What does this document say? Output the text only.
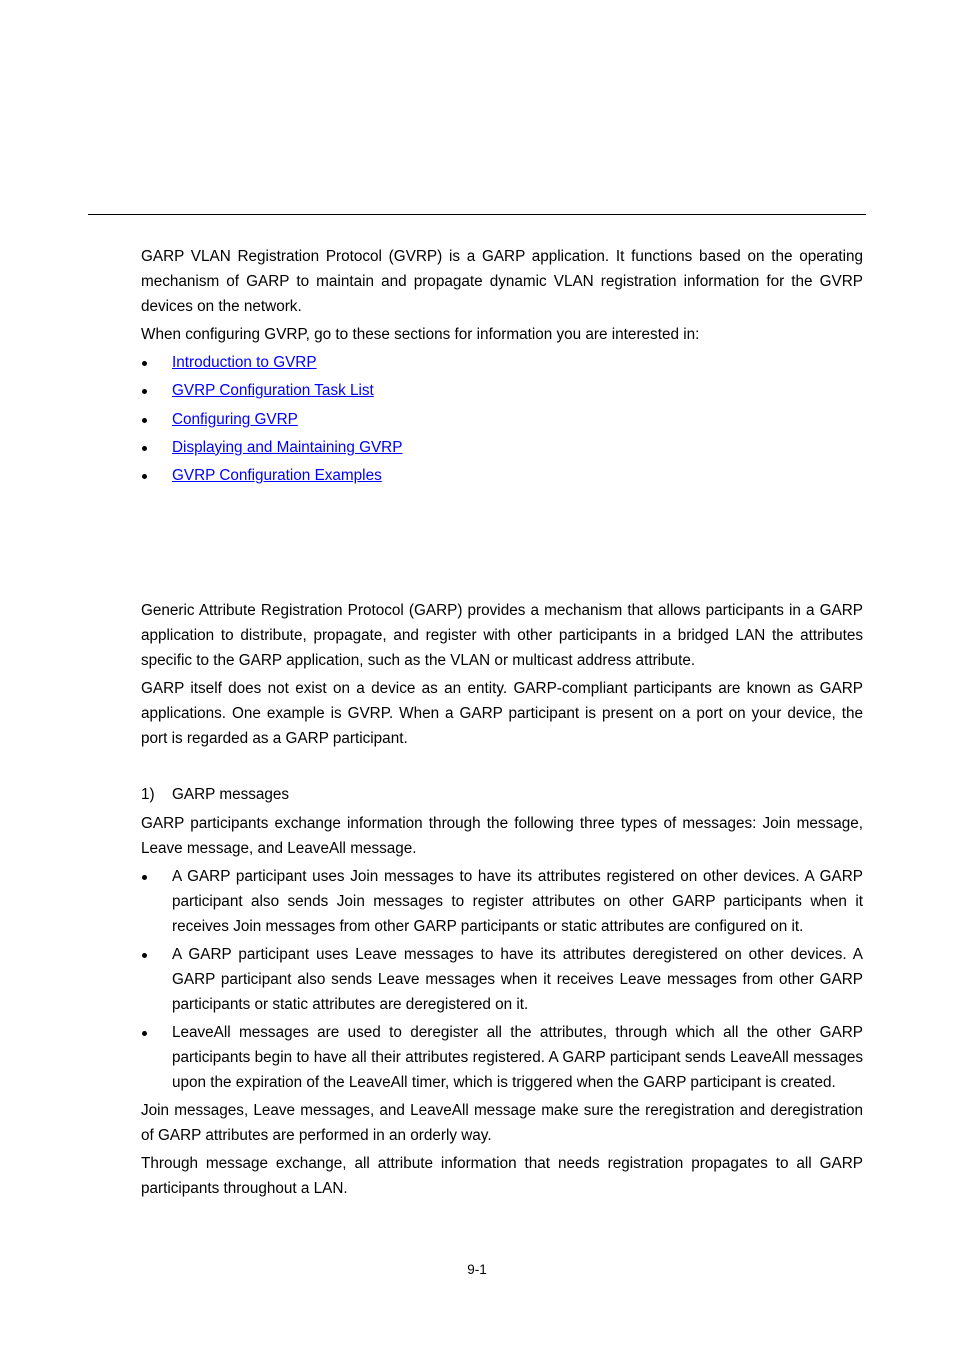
GARP VLAN Registration Protocol (GVRP) is a GARP application. It functions based on the operating mechanism of GARP to maintain and propagate dynamic VLAN registration information for the GVRP devices on the network.

When configuring GVRP, go to these sections for information you are interested in:

Introduction to GVRP
GVRP Configuration Task List
Configuring GVRP
Displaying and Maintaining GVRP
GVRP Configuration Examples

Generic Attribute Registration Protocol (GARP) provides a mechanism that allows participants in a GARP application to distribute, propagate, and register with other participants in a bridged LAN the attributes specific to the GARP application, such as the VLAN or multicast address attribute.

GARP itself does not exist on a device as an entity. GARP-compliant participants are known as GARP applications. One example is GVRP. When a GARP participant is present on a port on your device, the port is regarded as a GARP participant.

1) GARP messages

GARP participants exchange information through the following three types of messages: Join message, Leave message, and LeaveAll message.

A GARP participant uses Join messages to have its attributes registered on other devices. A GARP participant also sends Join messages to register attributes on other GARP participants when it receives Join messages from other GARP participants or static attributes are configured on it.
A GARP participant uses Leave messages to have its attributes deregistered on other devices. A GARP participant also sends Leave messages when it receives Leave messages from other GARP participants or static attributes are deregistered on it.
LeaveAll messages are used to deregister all the attributes, through which all the other GARP participants begin to have all their attributes registered. A GARP participant sends LeaveAll messages upon the expiration of the LeaveAll timer, which is triggered when the GARP participant is created.

Join messages, Leave messages, and LeaveAll message make sure the reregistration and deregistration of GARP attributes are performed in an orderly way.

Through message exchange, all attribute information that needs registration propagates to all GARP participants throughout a LAN.

9-1
